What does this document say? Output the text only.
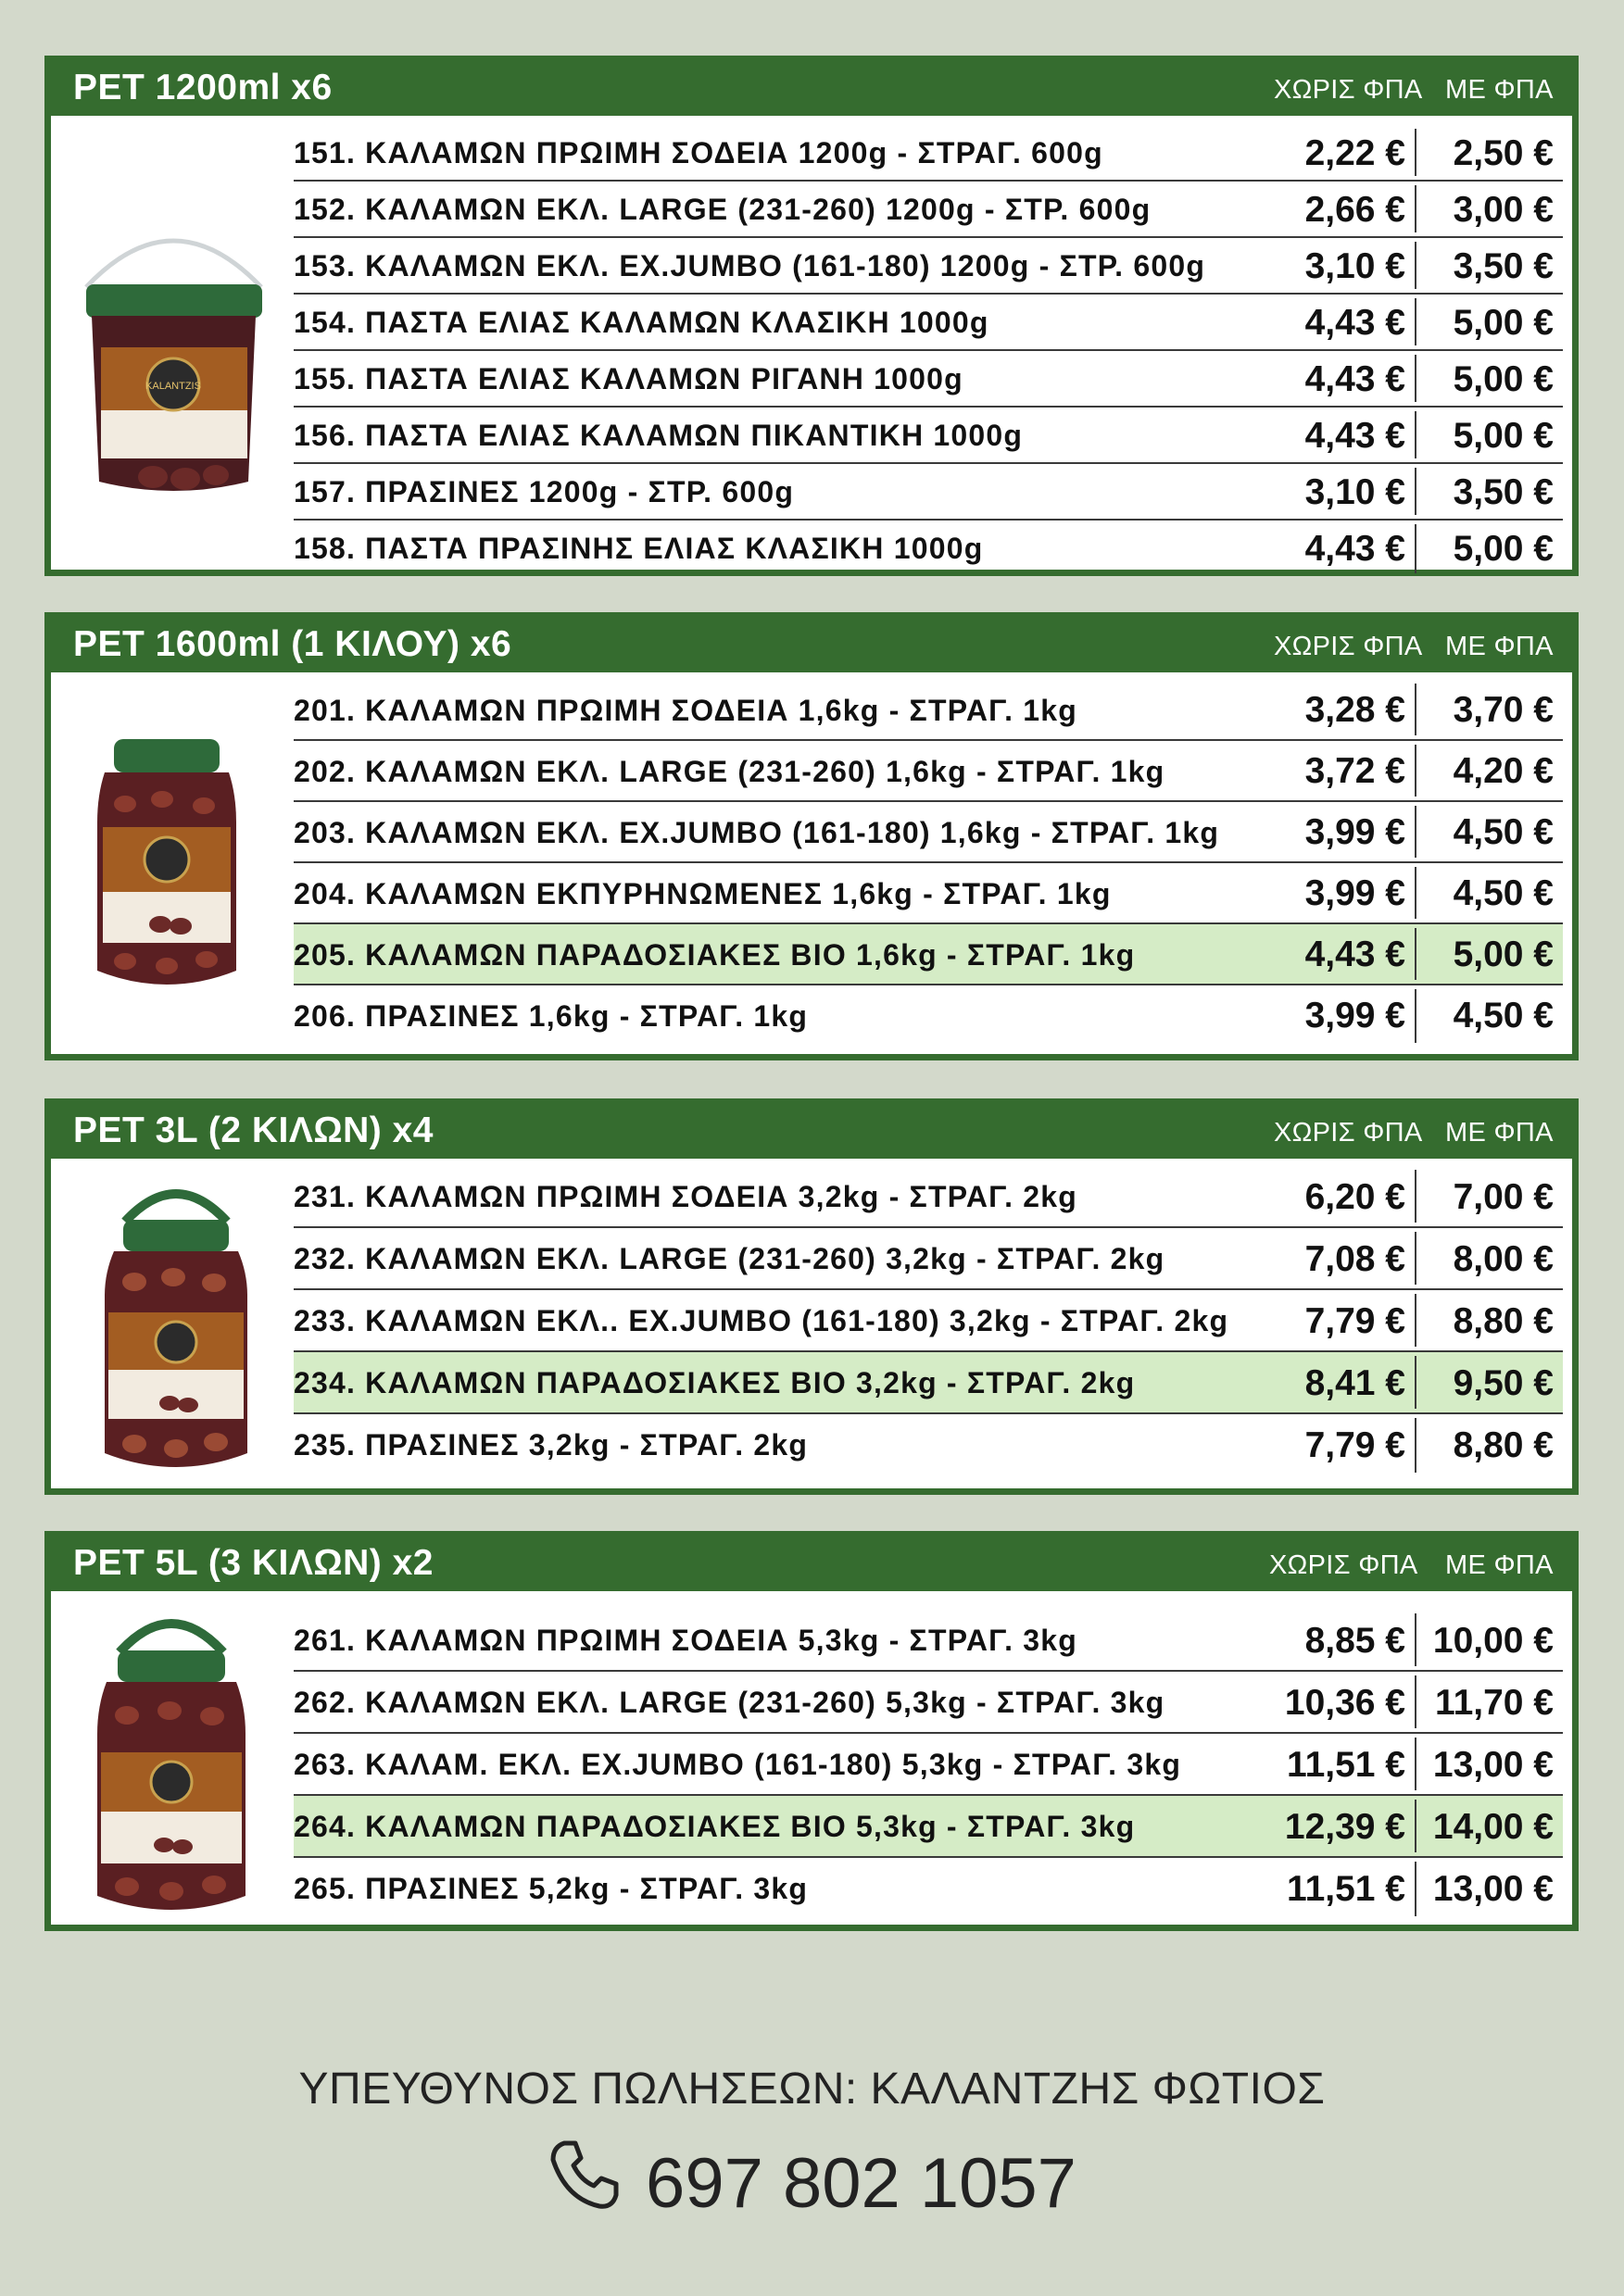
PET 1200ml x6	ΧΩΡΙΣ ΦΠΑ ΜΕ ΦΠΑ
KALANTZIS
151. ΚΑΛΑΜΩΝ ΠΡΩΙΜΗ ΣΟΔΕΙΑ 1200g - ΣΤΡΑΓ. 600g	2,22 € 2,50 €
152. ΚΑΛΑΜΩΝ ΕΚΛ. LARGE (231-260) 1200g - ΣΤΡ. 600g	2,66 € 3,00 €
153. ΚΑΛΑΜΩΝ ΕΚΛ. EX.JUMBO (161-180) 1200g - ΣΤΡ. 600g	3,10 € 3,50 €
154. ΠΑΣΤΑ ΕΛΙΑΣ ΚΑΛΑΜΩΝ ΚΛΑΣΙΚΗ 1000g	4,43 € 5,00 €
155. ΠΑΣΤΑ ΕΛΙΑΣ ΚΑΛΑΜΩΝ ΡΙΓΑΝΗ 1000g	4,43 € 5,00 €
156. ΠΑΣΤΑ ΕΛΙΑΣ ΚΑΛΑΜΩΝ ΠΙΚΑΝΤΙΚΗ 1000g	4,43 € 5,00 €
157. ΠΡΑΣΙΝΕΣ 1200g - ΣΤΡ. 600g	3,10 € 3,50 €
158. ΠΑΣΤΑ ΠΡΑΣΙΝΗΣ ΕΛΙΑΣ ΚΛΑΣΙΚΗ 1000g	4,43 € 5,00 €
PET 1600ml (1 ΚΙΛΟΥ) x6	ΧΩΡΙΣ ΦΠΑ ΜΕ ΦΠΑ
201. ΚΑΛΑΜΩΝ ΠΡΩΙΜΗ ΣΟΔΕΙΑ 1,6kg - ΣΤΡΑΓ. 1kg	3,28 € 3,70 €
202. ΚΑΛΑΜΩΝ ΕΚΛ. LARGE (231-260) 1,6kg - ΣΤΡΑΓ. 1kg	3,72 € 4,20 €
203. ΚΑΛΑΜΩΝ ΕΚΛ. EX.JUMBO (161-180) 1,6kg - ΣΤΡΑΓ. 1kg 3,99 € 4,50 €
204. ΚΑΛΑΜΩΝ ΕΚΠΥΡΗΝΩΜΕΝΕΣ 1,6kg - ΣΤΡΑΓ. 1kg	3,99 € 4,50 €
205. ΚΑΛΑΜΩΝ ΠΑΡΑΔΟΣΙΑΚΕΣ ΒΙΟ 1,6kg - ΣΤΡΑΓ. 1kg	4,43 € 5,00 €
206. ΠΡΑΣΙΝΕΣ 1,6kg - ΣΤΡΑΓ. 1kg	3,99 € 4,50 €
PET 3L (2 ΚΙΛΩΝ) x4	ΧΩΡΙΣ ΦΠΑ ΜΕ ΦΠΑ
231. ΚΑΛΑΜΩΝ ΠΡΩΙΜΗ ΣΟΔΕΙΑ 3,2kg - ΣΤΡΑΓ. 2kg	6,20 € 7,00 €
232. ΚΑΛΑΜΩΝ ΕΚΛ. LARGE (231-260) 3,2kg - ΣΤΡΑΓ. 2kg	7,08 € 8,00 €
233. ΚΑΛΑΜΩΝ ΕΚΛ.. EX.JUMBO (161-180) 3,2kg - ΣΤΡΑΓ. 2kg 7,79 € 8,80 €
234. ΚΑΛΑΜΩΝ ΠΑΡΑΔΟΣΙΑΚΕΣ ΒΙΟ 3,2kg - ΣΤΡΑΓ. 2kg	8,41 € 9,50 €
235. ΠΡΑΣΙΝΕΣ 3,2kg - ΣΤΡΑΓ. 2kg	7,79 € 8,80 €
PET 5L (3 ΚΙΛΩΝ) x2	ΧΩΡΙΣ ΦΠΑ ΜΕ ΦΠΑ
261. ΚΑΛΑΜΩΝ ΠΡΩΙΜΗ ΣΟΔΕΙΑ 5,3kg - ΣΤΡΑΓ. 3kg	8,85 € 10,00 €
262. ΚΑΛΑΜΩΝ ΕΚΛ. LARGE (231-260) 5,3kg - ΣΤΡΑΓ. 3kg	10,36 € 11,70 €
263. ΚΑΛΑΜ. ΕΚΛ. EX.JUMBO (161-180) 5,3kg - ΣΤΡΑΓ. 3kg	11,51 € 13,00 €
264. ΚΑΛΑΜΩΝ ΠΑΡΑΔΟΣΙΑΚΕΣ ΒΙΟ 5,3kg - ΣΤΡΑΓ. 3kg	12,39 € 14,00 €
265. ΠΡΑΣΙΝΕΣ 5,2kg - ΣΤΡΑΓ. 3kg	11,51 € 13,00 €
ΥΠΕΥΘΥΝΟΣ ΠΩΛΗΣΕΩΝ: ΚΑΛΑΝΤΖΗΣ ΦΩΤΙΟΣ
697 802 1057
